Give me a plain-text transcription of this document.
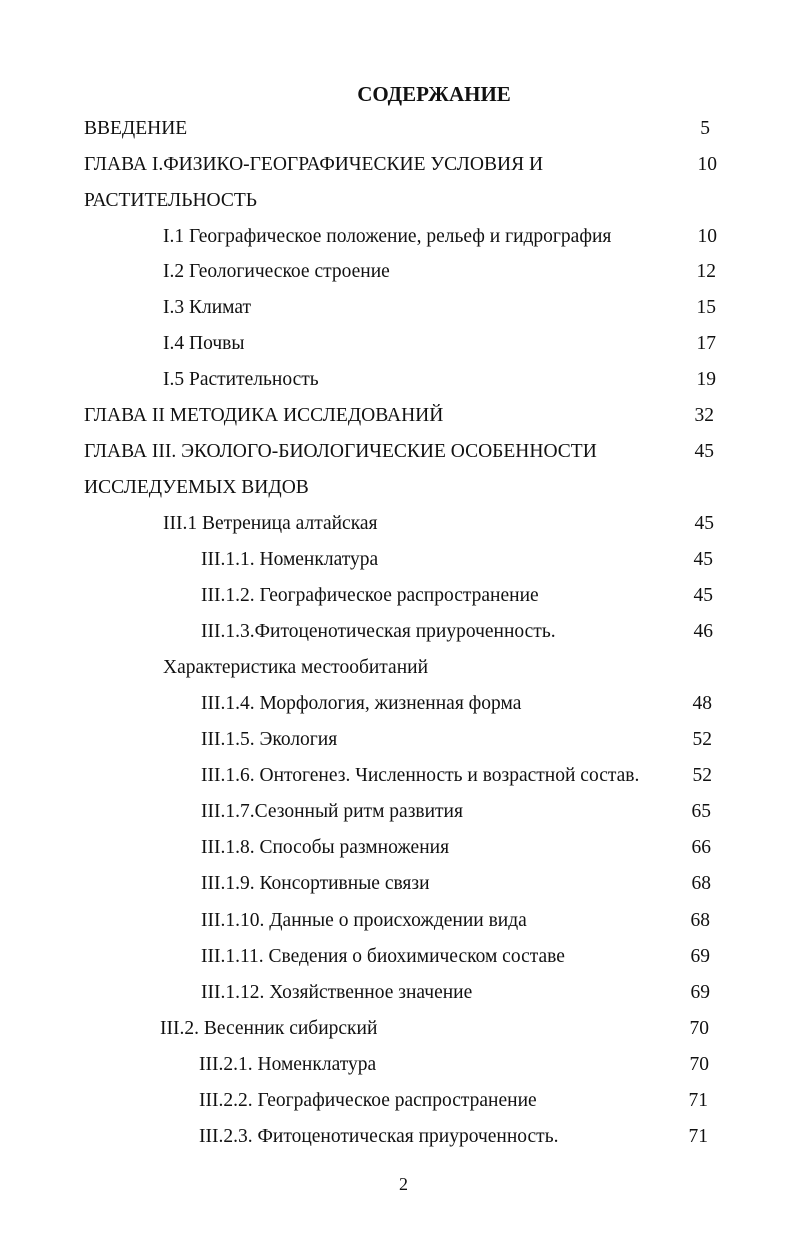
СОДЕРЖАНИЕ
ВВЕДЕНИЕ	5
ГЛАВА I.ФИЗИКО-ГЕОГРАФИЧЕСКИЕ УСЛОВИЯ И	10
РАСТИТЕЛЬНОСТЬ
I.1 Географическое положение, рельеф и гидрография	10
I.2 Геологическое строение	12
I.3 Климат	15
I.4 Почвы	17
I.5 Растительность	19
ГЛАВА II МЕТОДИКА ИССЛЕДОВАНИЙ	32
ГЛАВА III. ЭКОЛОГО-БИОЛОГИЧЕСКИЕ ОСОБЕННОСТИ	45
ИССЛЕДУЕМЫХ ВИДОВ
III.1 Ветреница алтайская	45
III.1.1. Номенклатура	45
III.1.2. Географическое распространение	45
III.1.3.Фитоценотическая приуроченность.	46
Характеристика местообитаний
III.1.4. Морфология, жизненная форма	48
III.1.5. Экология	52
III.1.6. Онтогенез. Численность и возрастной состав.	52
III.1.7.Сезонный ритм развития	65
III.1.8. Способы размножения	66
III.1.9. Консортивные связи	68
III.1.10. Данные о происхождении вида	68
III.1.11. Сведения о биохимическом составе	69
III.1.12. Хозяйственное значение	69
III.2. Весенник сибирский	70
III.2.1. Номенклатура	70
III.2.2. Географическое распространение	71
III.2.3. Фитоценотическая приуроченность.	71
2
